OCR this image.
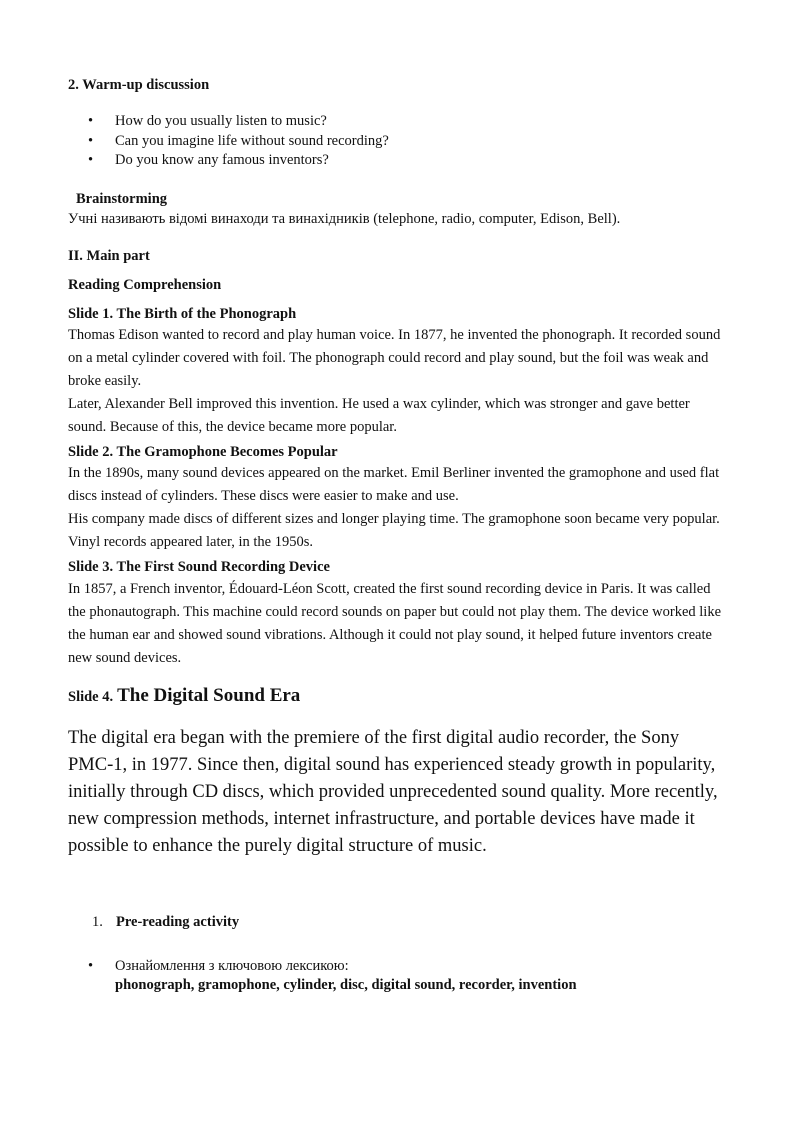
2. Warm-up discussion

• How do you usually listen to music?
• Can you imagine life without sound recording?
• Do you know any famous inventors?

Brainstorming

Учні називають відомі винаходи та винахідників (telephone, radio, computer, Edison, Bell).

II. Main part

Reading Comprehension

Slide 1. The Birth of the Phonograph

Thomas Edison wanted to record and play human voice. In 1877, he invented the phonograph. It recorded sound on a metal cylinder covered with foil. The phonograph could record and play sound, but the foil was weak and broke easily.

Later, Alexander Bell improved this invention. He used a wax cylinder, which was stronger and gave better sound. Because of this, the device became more popular.

Slide 2. The Gramophone Becomes Popular

In the 1890s, many sound devices appeared on the market. Emil Berliner invented the gramophone and used flat discs instead of cylinders. These discs were easier to make and use.

His company made discs of different sizes and longer playing time. The gramophone soon became very popular. Vinyl records appeared later, in the 1950s.

Slide 3. The First Sound Recording Device

In 1857, a French inventor, Édouard-Léon Scott, created the first sound recording device in Paris. It was called the phonautograph. This machine could record sounds on paper but could not play them. The device worked like the human ear and showed sound vibrations. Although it could not play sound, it helped future inventors create new sound devices.

Slide 4. The Digital Sound Era

The digital era began with the premiere of the first digital audio recorder, the Sony PMC-1, in 1977. Since then, digital sound has experienced steady growth in popularity, initially through CD discs, which provided unprecedented sound quality. More recently, new compression methods, internet infrastructure, and portable devices have made it possible to enhance the purely digital structure of music.

1. Pre-reading activity
•	Ознайомлення з ключовою лексикою:
phonograph, gramophone, cylinder, disc, digital sound, recorder, invention
